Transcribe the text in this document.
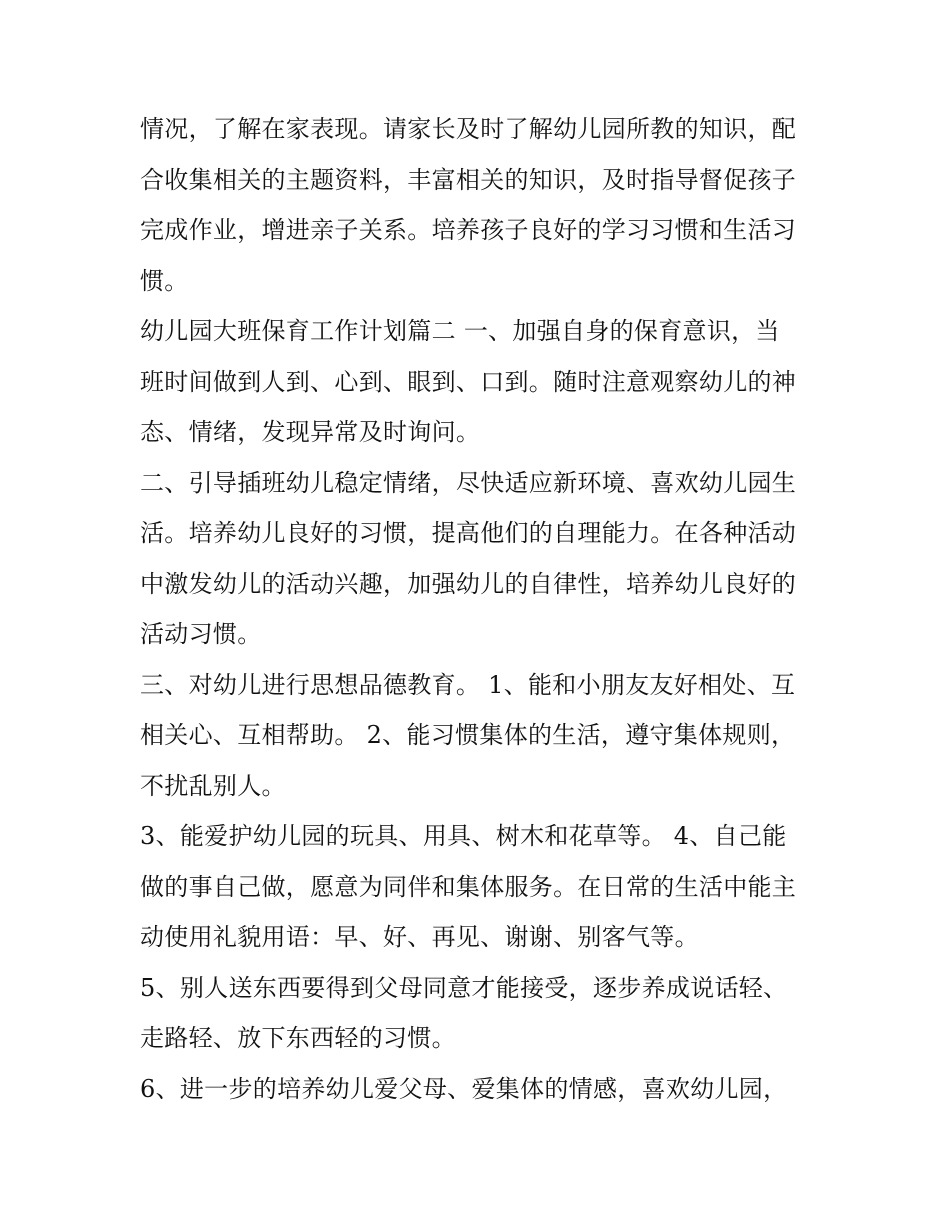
情况，了解在家表现。请家长及时了解幼儿园所教的知识，配
合收集相关的主题资料，丰富相关的知识，及时指导督促孩子
完成作业，增进亲子关系。培养孩子良好的学习习惯和生活习
惯。
幼儿园大班保育工作计划篇二 一、加强自身的保育意识，当
班时间做到人到、心到、眼到、口到。随时注意观察幼儿的神
态、情绪，发现异常及时询问。
二、引导插班幼儿稳定情绪，尽快适应新环境、喜欢幼儿园生
活。培养幼儿良好的习惯，提高他们的自理能力。在各种活动
中激发幼儿的活动兴趣，加强幼儿的自律性，培养幼儿良好的
活动习惯。
三、对幼儿进行思想品德教育。 1、能和小朋友友好相处、互
相关心、互相帮助。 2、能习惯集体的生活，遵守集体规则，
不扰乱别人。
3、能爱护幼儿园的玩具、用具、树木和花草等。 4、自己能
做的事自己做，愿意为同伴和集体服务。在日常的生活中能主
动使用礼貌用语：早、好、再见、谢谢、别客气等。
5、别人送东西要得到父母同意才能接受，逐步养成说话轻、
走路轻、放下东西轻的习惯。
6、进一步的培养幼儿爱父母、爱集体的情感，喜欢幼儿园，
